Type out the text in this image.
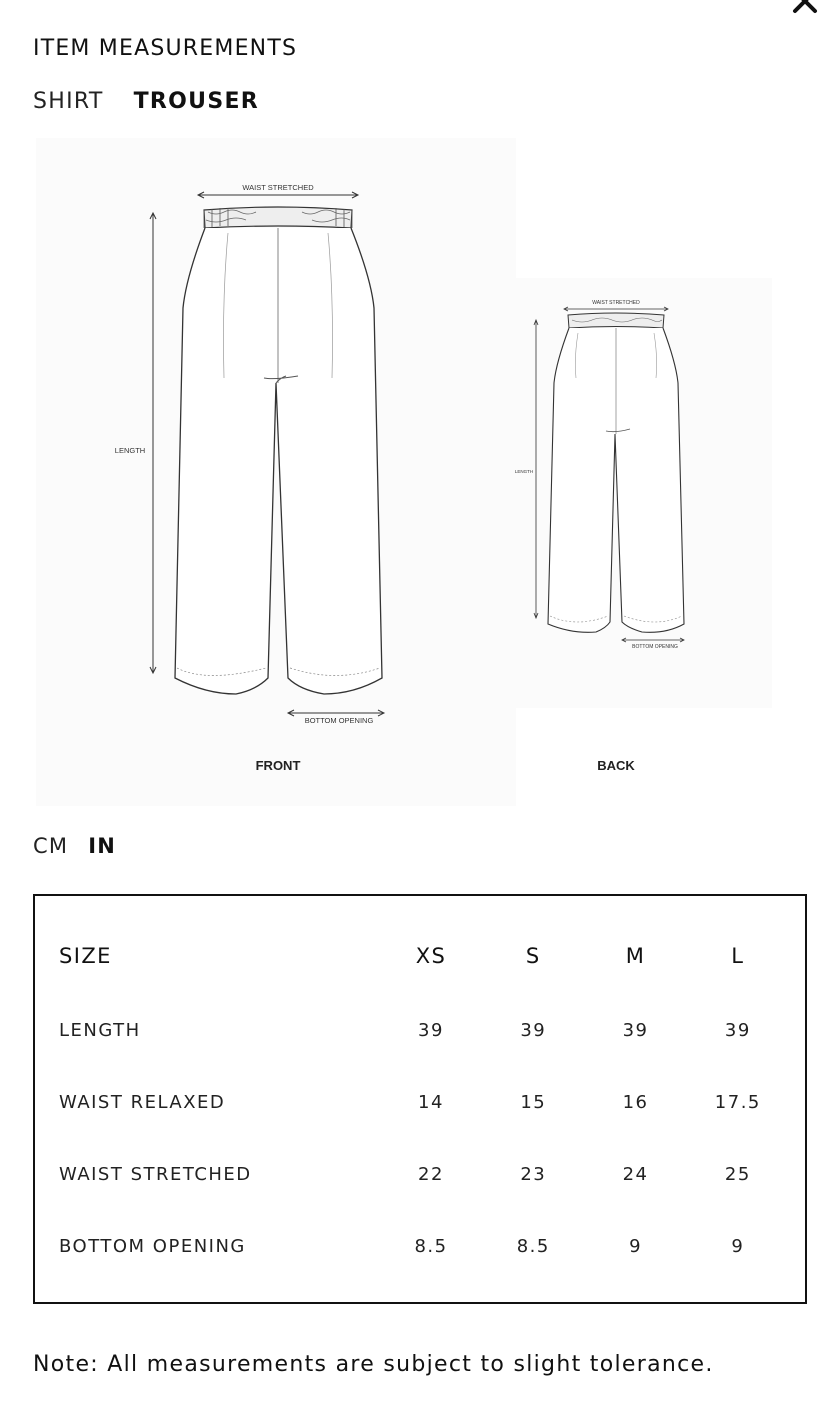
ITEM MEASUREMENTS
SHIRT TROUSER
WAIST STRETCHED
LENGTH
BOTTOM OPENING
FRONT
WAIST STRETCHED
LENGTH
BOTTOM OPENING
BACK
CM IN
SIZE	XS	S	M	L
LENGTH	39	39	39	39
WAIST RELAXED	14	15	16	17.5
WAIST STRETCHED	22	23	24	25
BOTTOM OPENING	8.5	8.5	9	9
Note: All measurements are subject to slight tolerance.
